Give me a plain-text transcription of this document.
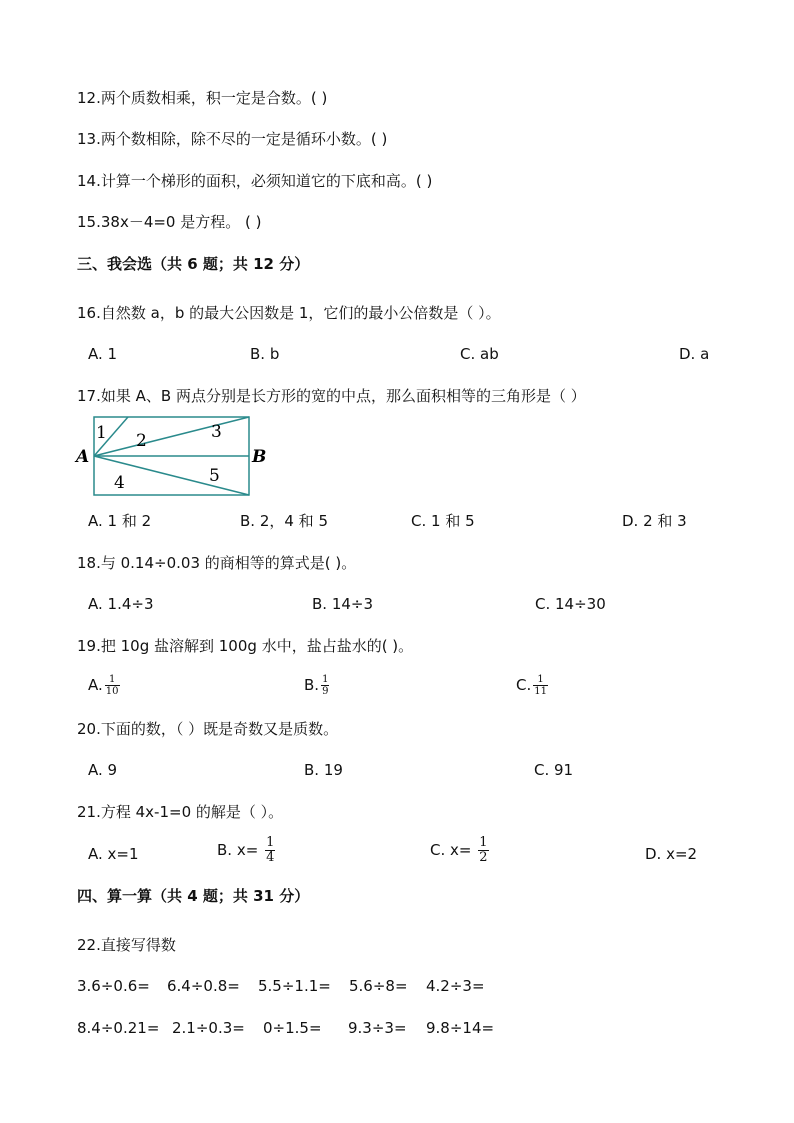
12.两个质数相乘，积一定是合数。( )
13.两个数相除，除不尽的一定是循环小数。( )
14.计算一个梯形的面积，必须知道它的下底和高。( )
15.38x－4=0 是方程。 ( )
三、我会选（共 6 题；共 12 分）
16.自然数 a，b 的最大公因数是 1，它们的最小公倍数是（ ）。
A. 1	B. b	C. ab	D. a
17.如果 A、B 两点分别是长方形的宽的中点，那么面积相等的三角形是（ ）
A	B
1 2	3
4	5
A. 1 和 2	B. 2，4 和 5	C. 1 和 5	D. 2 和 3
18.与 0.14÷0.03 的商相等的算式是( )。
A. 1.4÷3	B. 14÷3	C. 14÷30
19.把 10g 盐溶解到 100g 水中，盐占盐水的( )。
A. $\frac{1}{10}$	B. $\frac{1}{9}$	C. $\frac{1}{11}$
20.下面的数，（ ）既是奇数又是质数。
A. 9	B. 19	C. 91
21.方程 4x-1=0 的解是（ ）。
A. x=1	B. $x= \frac{1}{4}$	C. $x= \frac{1}{2}$	D. x=2
四、算一算（共 4 题；共 31 分）
22.直接写得数
3.6÷0.6= 6.4÷0.8= 5.5÷1.1= 5.6÷8= 4.2÷3=
8.4÷0.21= 2.1÷0.3= 0÷1.5= 9.3÷3= 9.8÷14=
